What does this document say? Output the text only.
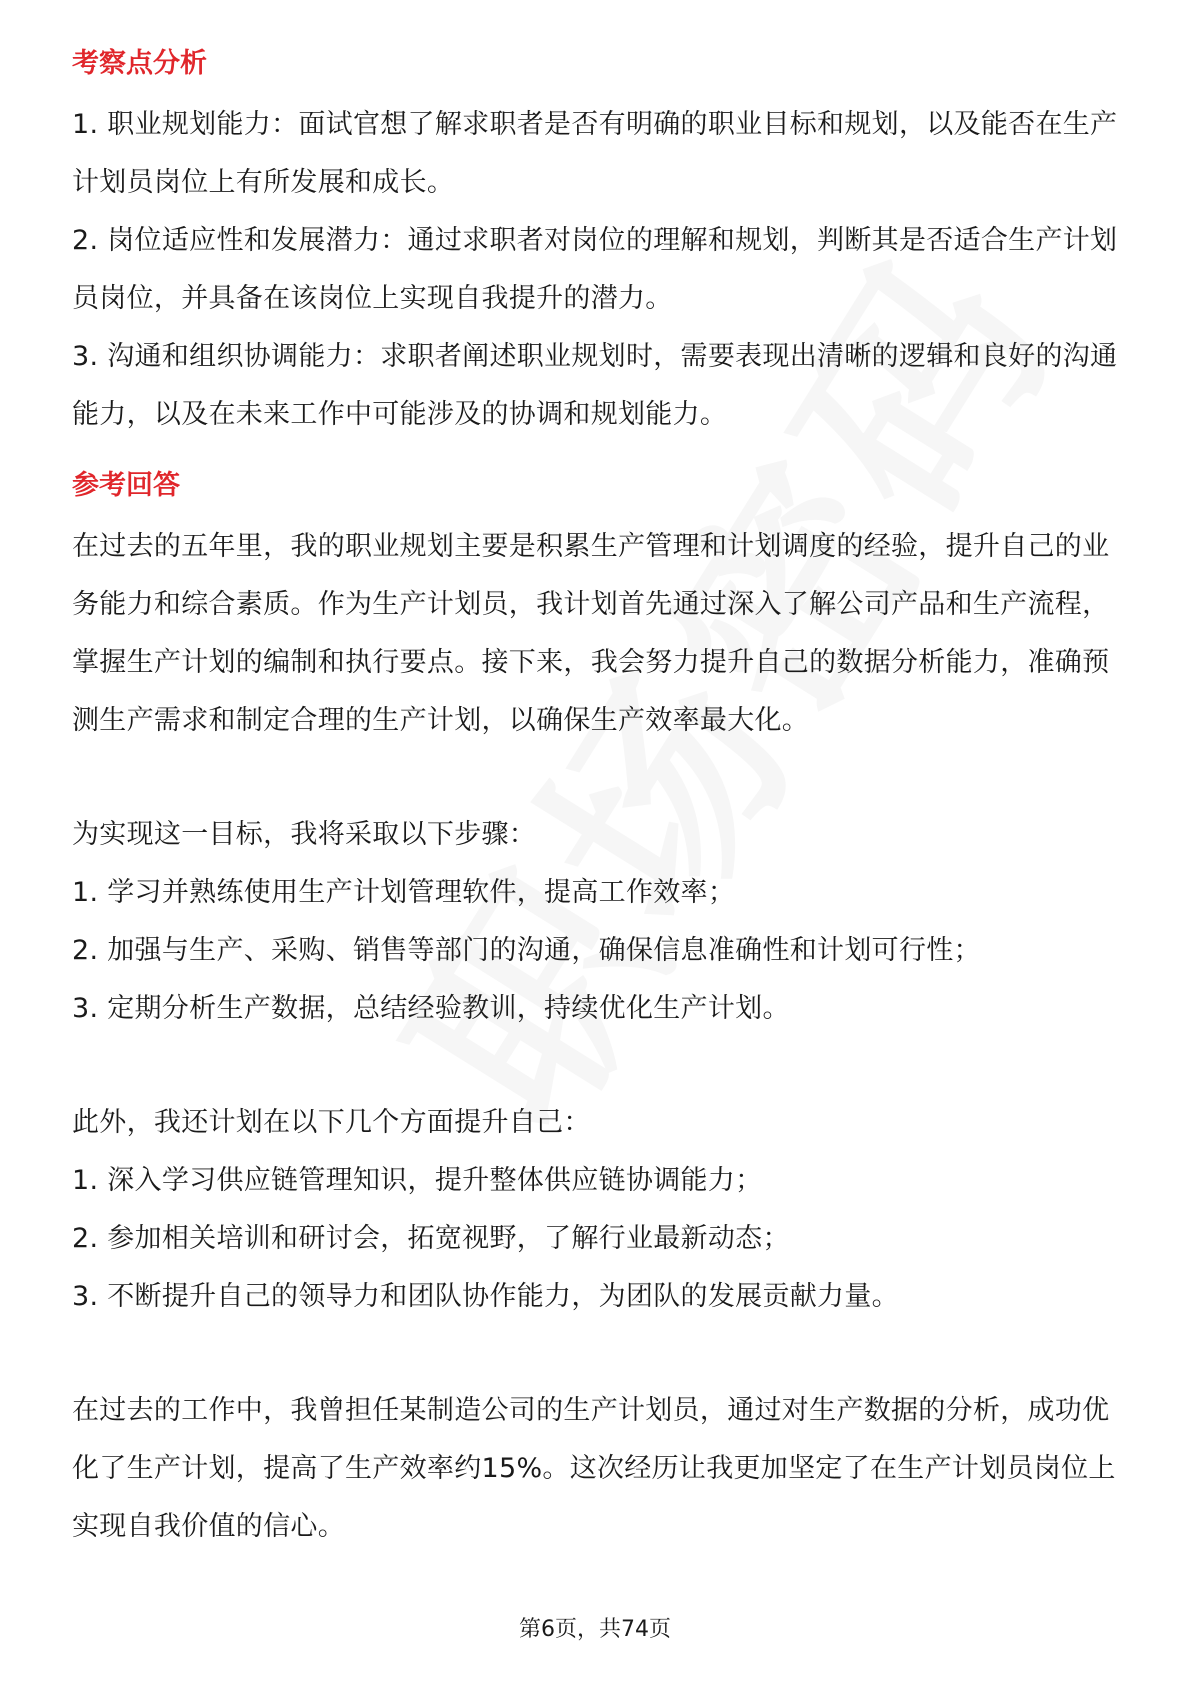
考察点分析

1. 职业规划能力：面试官想了解求职者是否有明确的职业目标和规划，以及能否在生产计划员岗位上有所发展和成长。

2. 岗位适应性和发展潜力：通过求职者对岗位的理解和规划，判断其是否适合生产计划员岗位，并具备在该岗位上实现自我提升的潜力。

3. 沟通和组织协调能力：求职者阐述职业规划时，需要表现出清晰的逻辑和良好的沟通能力，以及在未来工作中可能涉及的协调和规划能力。

参考回答

在过去的五年里，我的职业规划主要是积累生产管理和计划调度的经验，提升自己的业务能力和综合素质。作为生产计划员，我计划首先通过深入了解公司产品和生产流程，掌握生产计划的编制和执行要点。接下来，我会努力提升自己的数据分析能力，准确预测生产需求和制定合理的生产计划，以确保生产效率最大化。

为实现这一目标，我将采取以下步骤：

1. 学习并熟练使用生产计划管理软件，提高工作效率；

2. 加强与生产、采购、销售等部门的沟通，确保信息准确性和计划可行性；

3. 定期分析生产数据，总结经验教训，持续优化生产计划。

此外，我还计划在以下几个方面提升自己：

1. 深入学习供应链管理知识，提升整体供应链协调能力；

2. 参加相关培训和研讨会，拓宽视野，了解行业最新动态；

3. 不断提升自己的领导力和团队协作能力，为团队的发展贡献力量。

在过去的工作中，我曾担任某制造公司的生产计划员，通过对生产数据的分析，成功优化了生产计划，提高了生产效率约15%。这次经历让我更加坚定了在生产计划员岗位上实现自我价值的信心。

第6页，共74页
